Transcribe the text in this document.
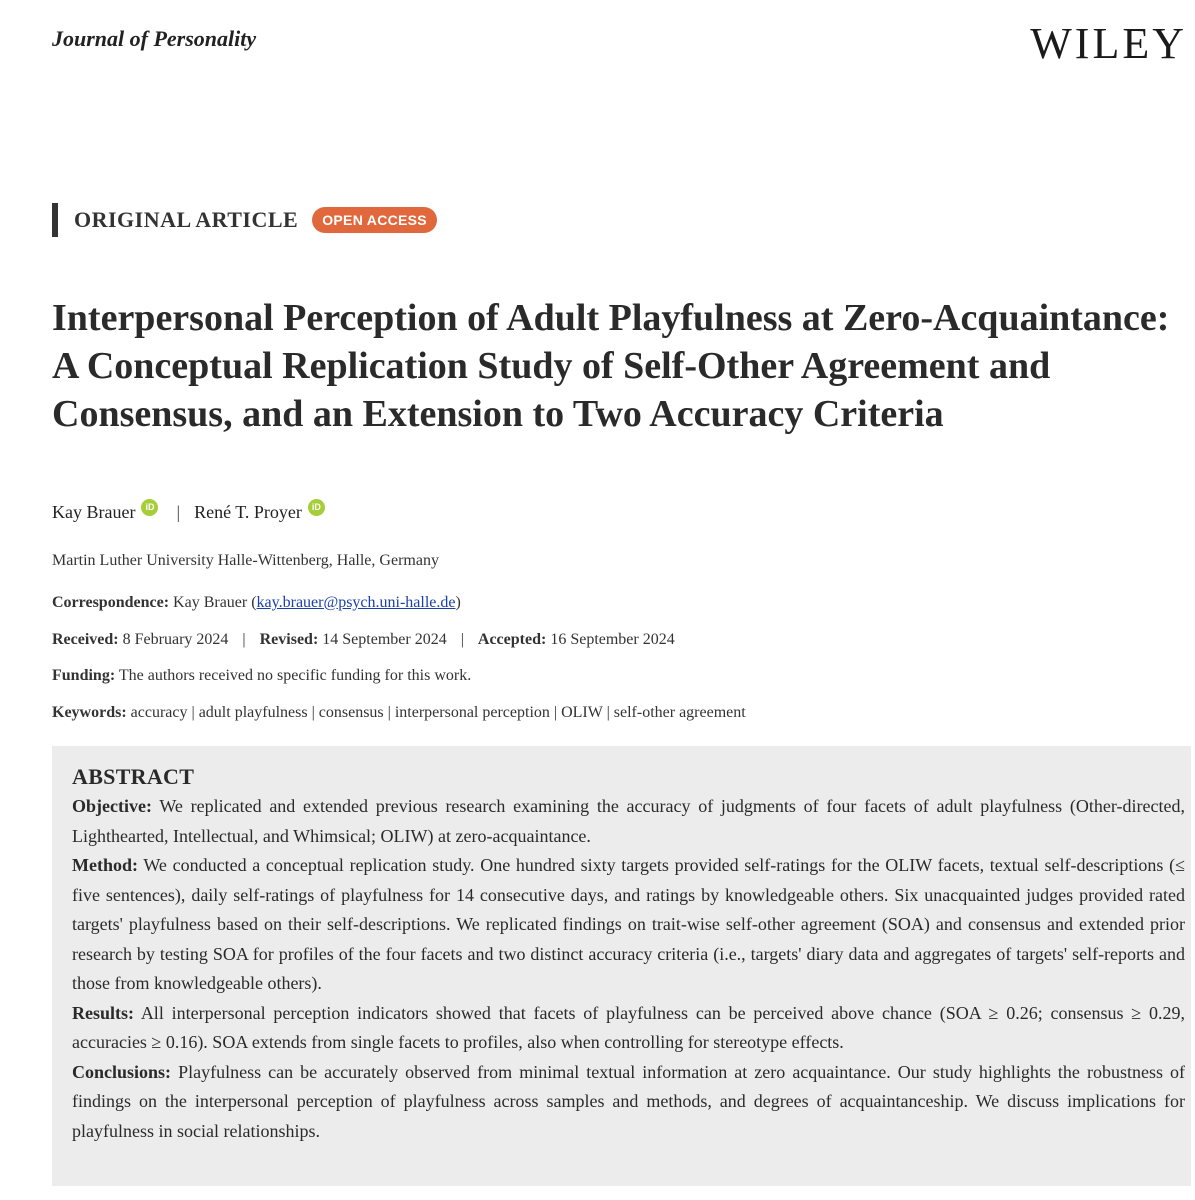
Journal of Personality	WILEY
ORIGINAL ARTICLE	OPEN ACCESS
Interpersonal Perception of Adult Playfulness at Zero-Acquaintance: A Conceptual Replication Study of Self-Other Agreement and Consensus, and an Extension to Two Accuracy Criteria
Kay Brauer	iD | René T. Proyer	iD
Martin Luther University Halle-Wittenberg, Halle, Germany
Correspondence: Kay Brauer (kay.brauer@psych.uni-halle.de)
Received: 8 February 2024 | Revised: 14 September 2024 | Accepted: 16 September 2024
Funding: The authors received no specific funding for this work.
Keywords: accuracy | adult playfulness | consensus | interpersonal perception | OLIW | self-other agreement
ABSTRACT

Objective: We replicated and extended previous research examining the accuracy of judgments of four facets of adult playfulness (Other-directed, Lighthearted, Intellectual, and Whimsical; OLIW) at zero-acquaintance.

Method: We conducted a conceptual replication study. One hundred sixty targets provided self-ratings for the OLIW facets, textual self-descriptions (≤ five sentences), daily self-ratings of playfulness for 14 consecutive days, and ratings by knowledgeable others. Six unacquainted judges provided rated targets' playfulness based on their self-descriptions. We replicated findings on trait-wise self-other agreement (SOA) and consensus and extended prior research by testing SOA for profiles of the four facets and two distinct accuracy criteria (i.e., targets' diary data and aggregates of targets' self-reports and those from knowledgeable others).

Results: All interpersonal perception indicators showed that facets of playfulness can be perceived above chance (SOA ≥ 0.26; consensus ≥ 0.29, accuracies ≥ 0.16). SOA extends from single facets to profiles, also when controlling for stereotype effects.

Conclusions: Playfulness can be accurately observed from minimal textual information at zero acquaintance. Our study highlights the robustness of findings on the interpersonal perception of playfulness across samples and methods, and degrees of acquaintanceship. We discuss implications for playfulness in social relationships.
